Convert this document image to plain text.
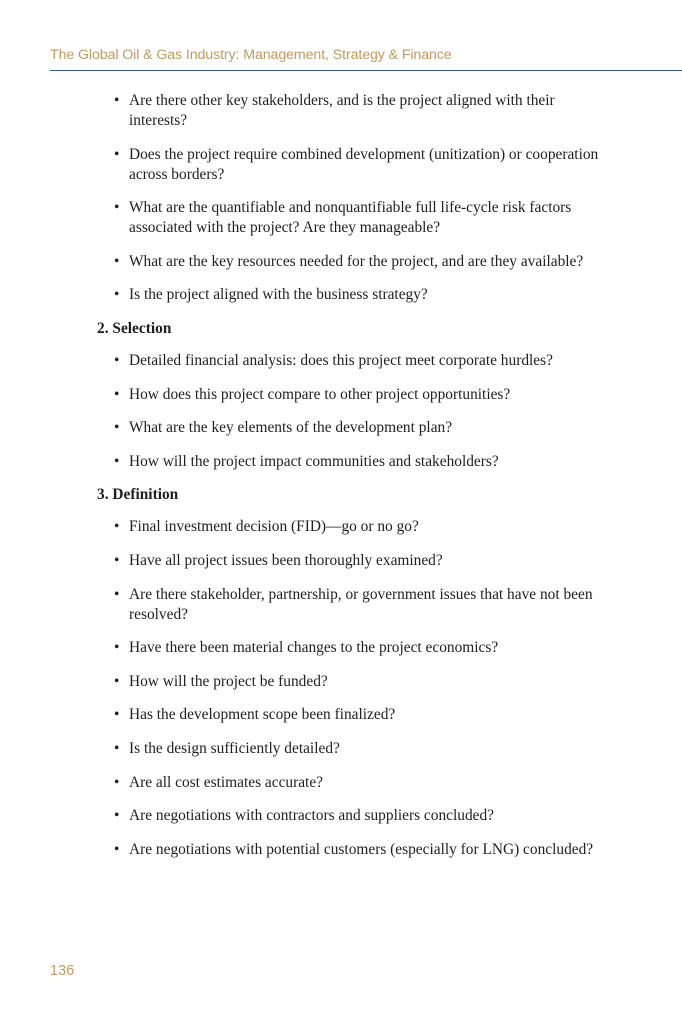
The Global Oil & Gas Industry: Management, Strategy & Finance
• Are there other key stakeholders, and is the project aligned with their interests?
• Does the project require combined development (unitization) or cooperation across borders?
• What are the quantifiable and nonquantifiable full life-cycle risk factors associated with the project? Are they manageable?
• What are the key resources needed for the project, and are they available?
• Is the project aligned with the business strategy?
2. Selection
• Detailed financial analysis: does this project meet corporate hurdles?
• How does this project compare to other project opportunities?
• What are the key elements of the development plan?
• How will the project impact communities and stakeholders?
3. Definition
• Final investment decision (FID)—go or no go?
• Have all project issues been thoroughly examined?
• Are there stakeholder, partnership, or government issues that have not been resolved?
• Have there been material changes to the project economics?
• How will the project be funded?
• Has the development scope been finalized?
• Is the design sufficiently detailed?
• Are all cost estimates accurate?
• Are negotiations with contractors and suppliers concluded?
• Are negotiations with potential customers (especially for LNG) concluded?
136
